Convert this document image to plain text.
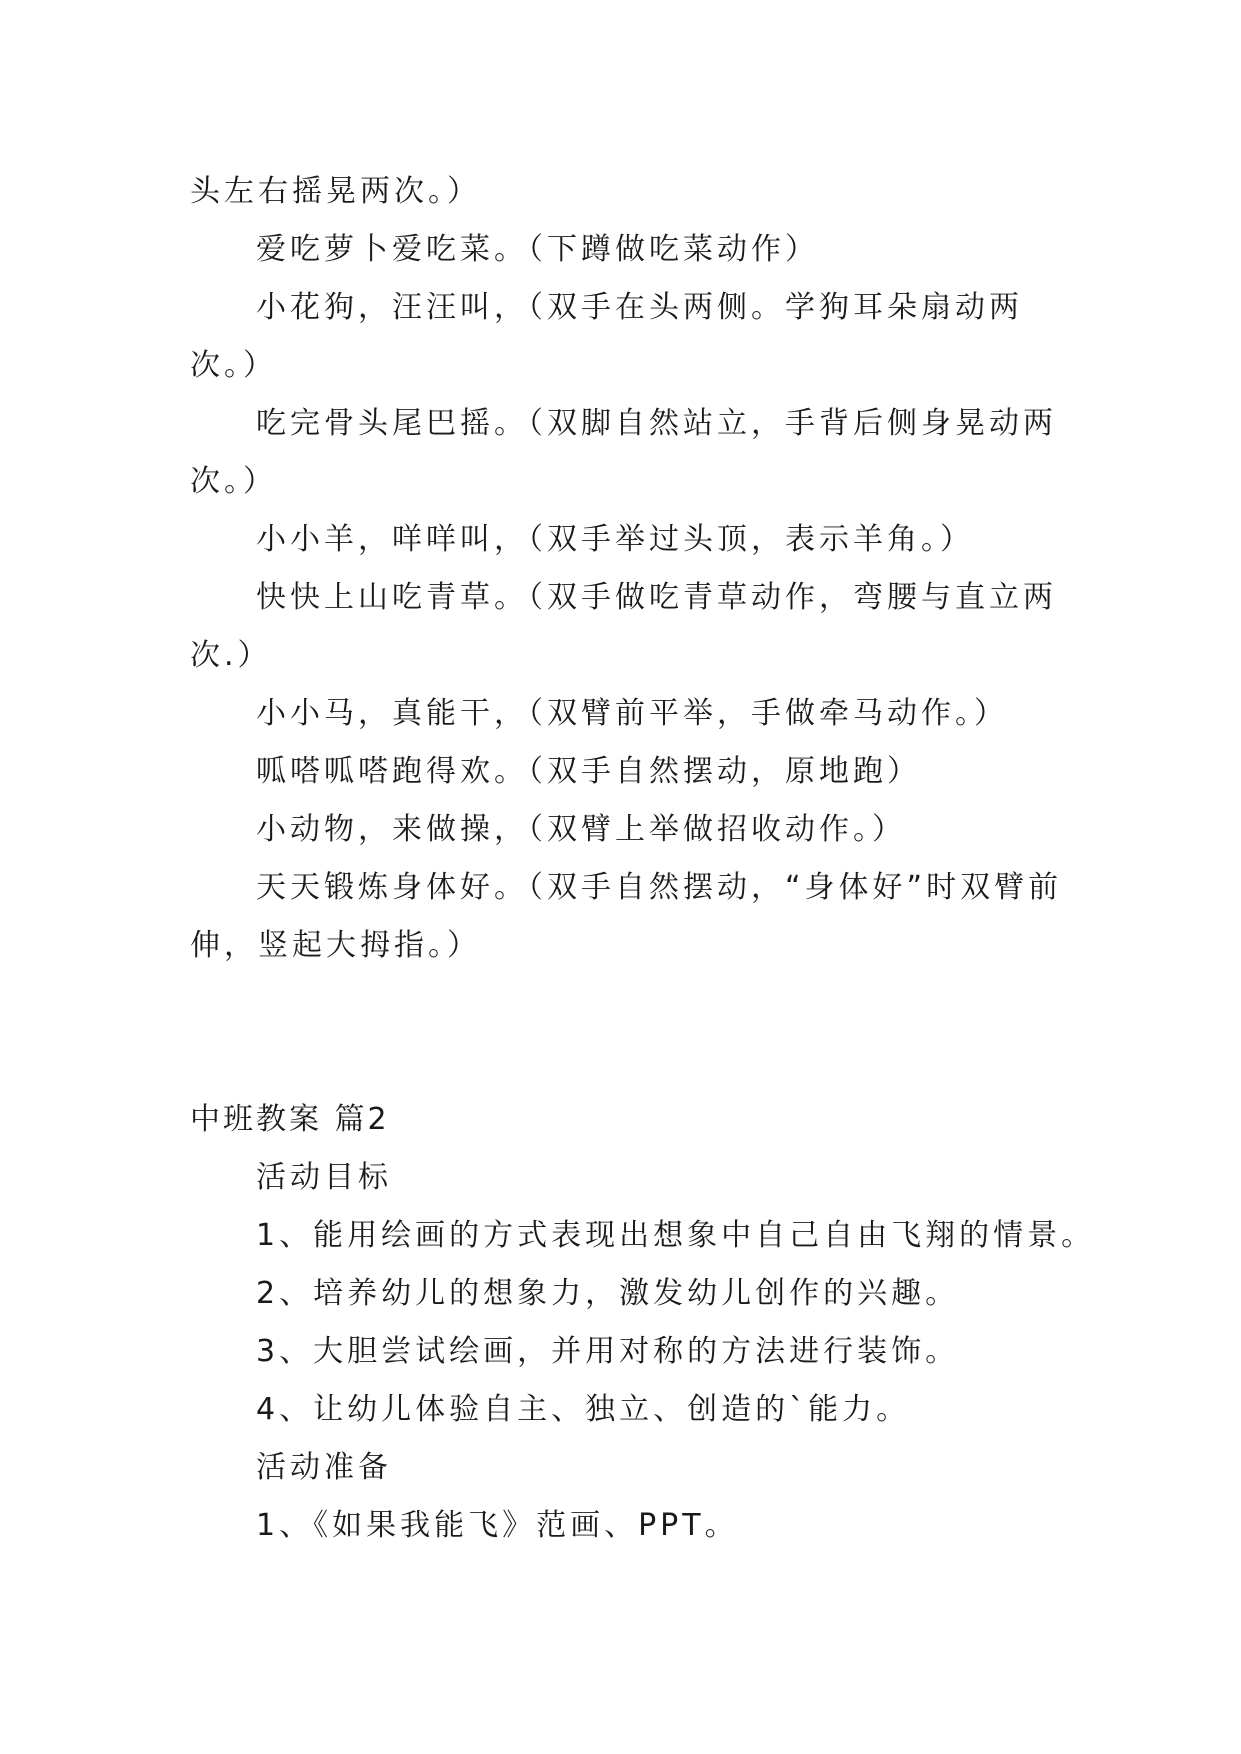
头左右摇晃两次。）

爱吃萝卜爱吃菜。（下蹲做吃菜动作）

小花狗，汪汪叫，（双手在头两侧。学狗耳朵扇动两

次。）

吃完骨头尾巴摇。（双脚自然站立，手背后侧身晃动两

次。）

小小羊，咩咩叫，（双手举过头顶，表示羊角。）

快快上山吃青草。（双手做吃青草动作，弯腰与直立两

次.）

小小马，真能干，（双臂前平举，手做牵马动作。）

呱嗒呱嗒跑得欢。（双手自然摆动，原地跑）

小动物，来做操，（双臂上举做招收动作。）

天天锻炼身体好。（双手自然摆动，“身体好”时双臂前

伸，竖起大拇指。）

中班教案 篇2

活动目标

1、能用绘画的方式表现出想象中自己自由飞翔的情景。

2、培养幼儿的想象力，激发幼儿创作的兴趣。

3、大胆尝试绘画，并用对称的方法进行装饰。

4、让幼儿体验自主、独立、创造的`能力。

活动准备

1、《如果我能飞》范画、PPT。
